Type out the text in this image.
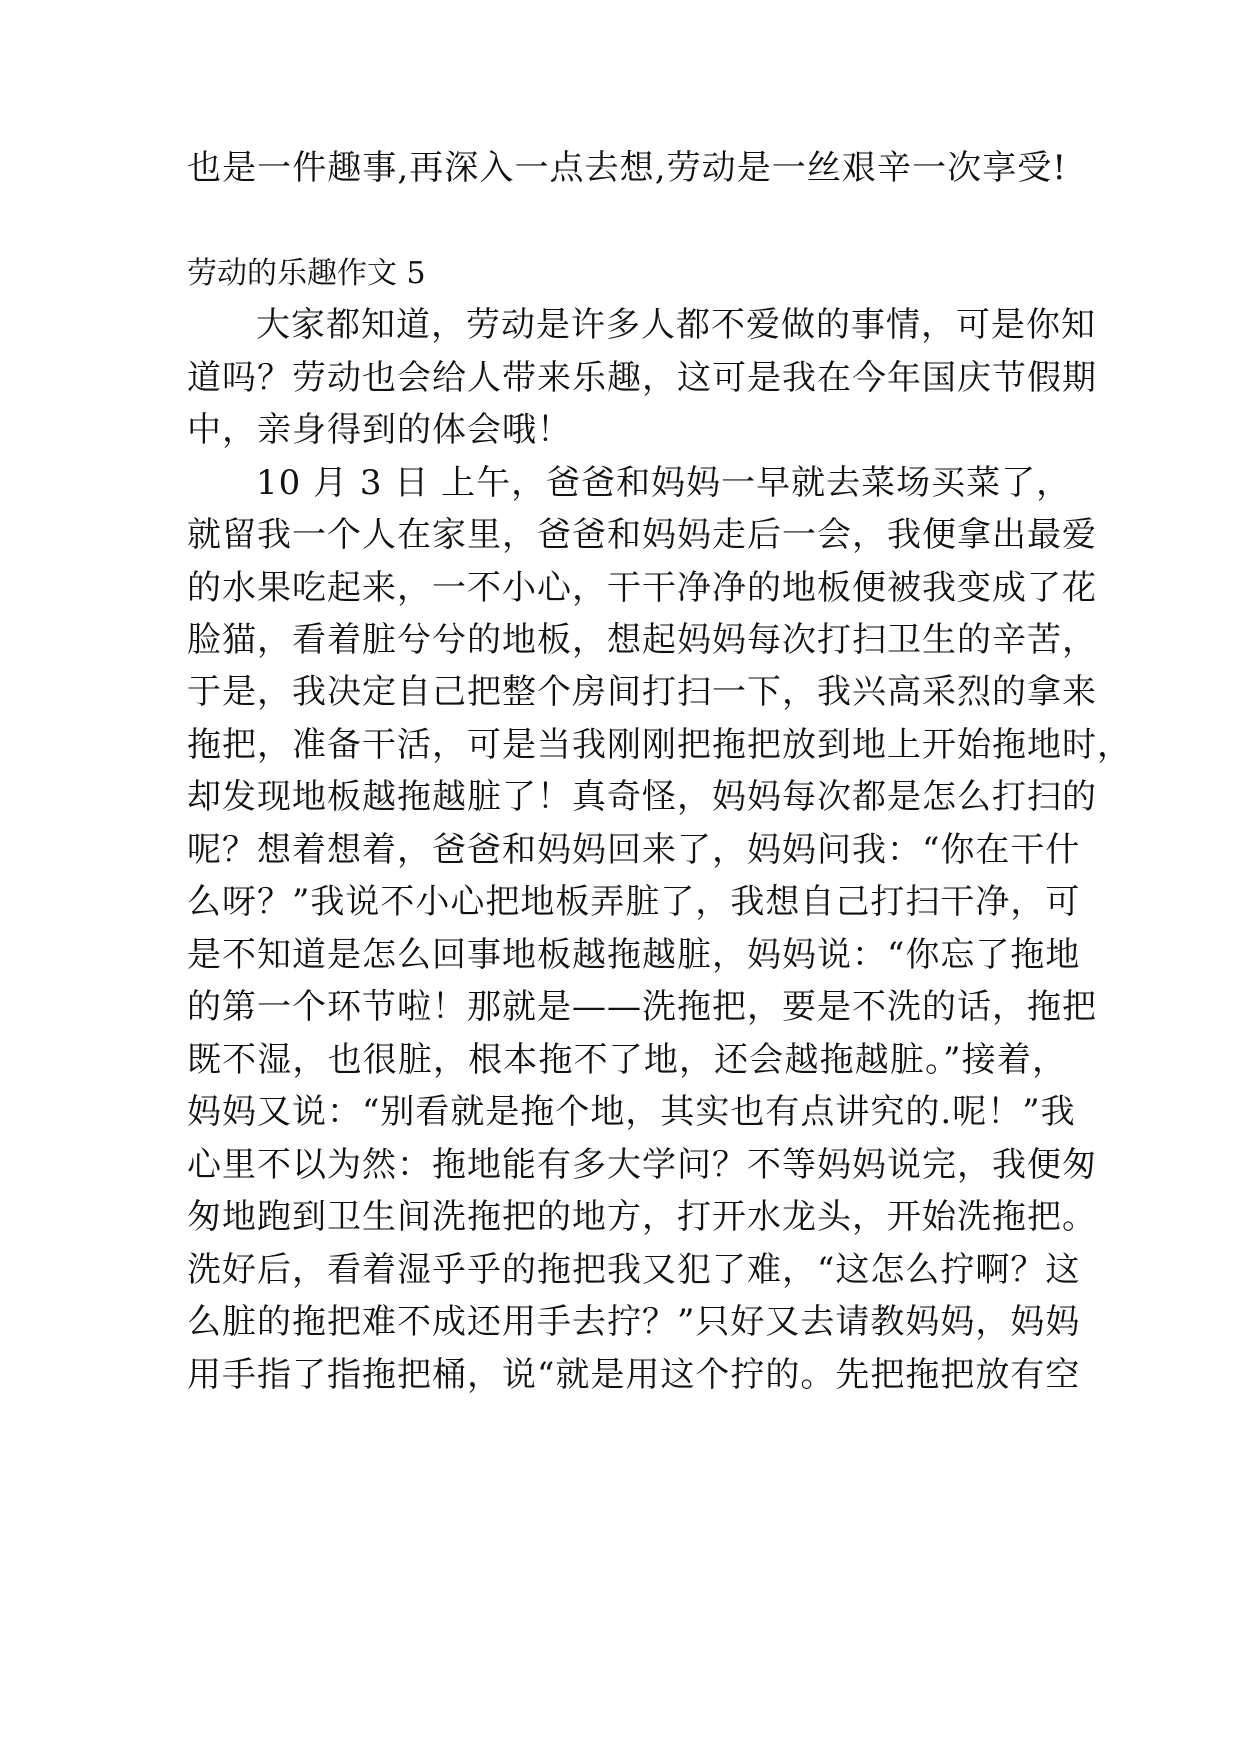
也是一件趣事,再深入一点去想,劳动是一丝艰辛一次享受!
劳动的乐趣作文 5
大家都知道，劳动是许多人都不爱做的事情，可是你知
道吗？劳动也会给人带来乐趣，这可是我在今年国庆节假期
中，亲身得到的体会哦！
10 月 3 日 上午，爸爸和妈妈一早就去菜场买菜了，
就留我一个人在家里，爸爸和妈妈走后一会，我便拿出最爱
的水果吃起来，一不小心，干干净净的地板便被我变成了花
脸猫，看着脏兮兮的地板，想起妈妈每次打扫卫生的辛苦，
于是，我决定自己把整个房间打扫一下，我兴高采烈的拿来
拖把，准备干活，可是当我刚刚把拖把放到地上开始拖地时，
却发现地板越拖越脏了！真奇怪，妈妈每次都是怎么打扫的
呢？想着想着，爸爸和妈妈回来了，妈妈问我：“你在干什
么呀？”我说不小心把地板弄脏了，我想自己打扫干净，可
是不知道是怎么回事地板越拖越脏，妈妈说：“你忘了拖地
的第一个环节啦！那就是——洗拖把，要是不洗的话，拖把
既不湿，也很脏，根本拖不了地，还会越拖越脏。”接着，
妈妈又说：“别看就是拖个地，其实也有点讲究的.呢！”我
心里不以为然：拖地能有多大学问？不等妈妈说完，我便匆
匆地跑到卫生间洗拖把的地方，打开水龙头，开始洗拖把。
洗好后，看着湿乎乎的拖把我又犯了难，“这怎么拧啊？这
么脏的拖把难不成还用手去拧？”只好又去请教妈妈，妈妈
用手指了指拖把桶，说“就是用这个拧的。先把拖把放有空
